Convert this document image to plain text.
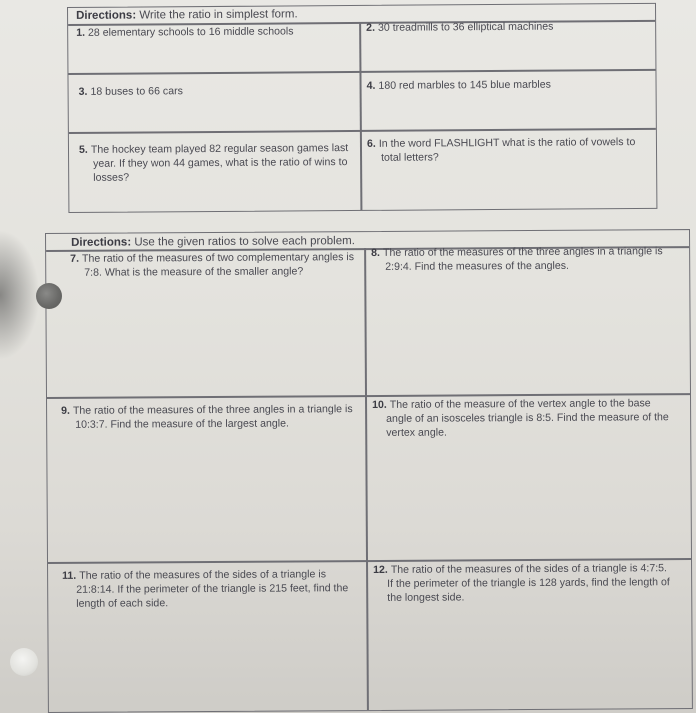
Directions: Write the ratio in simplest form.
1. 28 elementary schools to 16 middle schools	2. 30 treadmills to 36 elliptical machines
3. 18 buses to 66 cars	4. 180 red marbles to 145 blue marbles
5. The hockey team played 82 regular season games last year. If they won 44 games, what is the ratio of wins to losses?
6. In the word FLASHLIGHT what is the ratio of vowels to total letters?
Directions: Use the given ratios to solve each problem.
7. The ratio of the measures of two complementary angles is 7:8. What is the measure of the smaller angle?
8. The ratio of the measures of the three angles in a triangle is 2:9:4. Find the measures of the angles.
9. The ratio of the measures of the three angles in a triangle is 10:3:7. Find the measure of the largest angle.
10. The ratio of the measure of the vertex angle to the base angle of an isosceles triangle is 8:5. Find the measure of the vertex angle.
11. The ratio of the measures of the sides of a triangle is 21:8:14. If the perimeter of the triangle is 215 feet, find the length of each side.
12. The ratio of the measures of the sides of a triangle is 4:7:5. If the perimeter of the triangle is 128 yards, find the length of the longest side.
